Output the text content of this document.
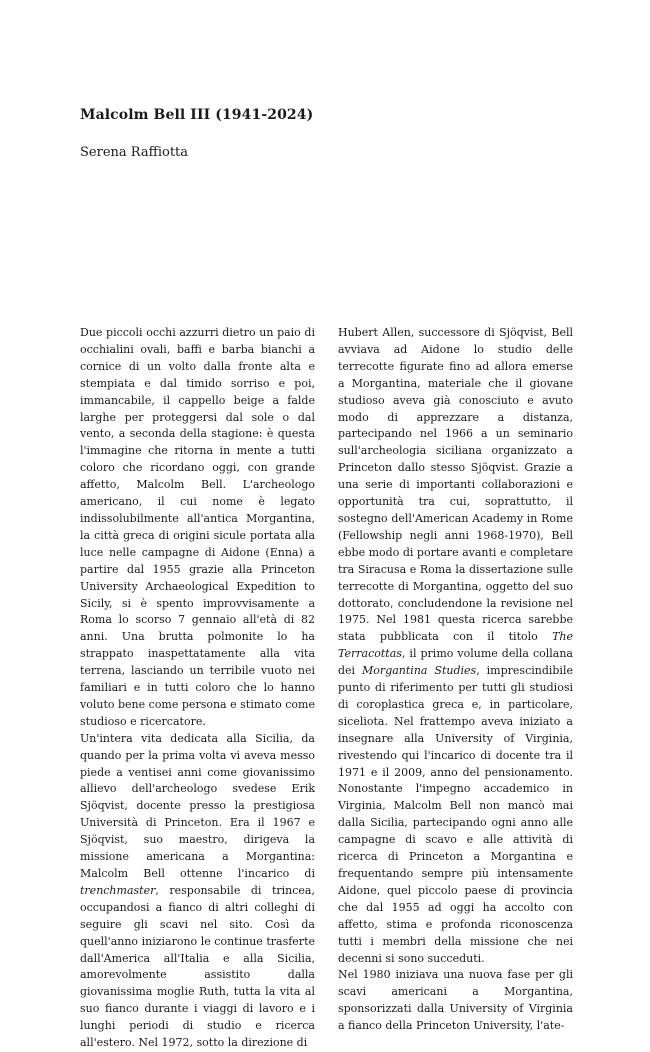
Malcolm Bell III (1941-2024)

Serena Raffiotta

Due piccoli occhi azzurri dietro un paio di occhialini ovali, baffi e barba bianchi a cornice di un volto dalla fronte alta e stempiata e dal timido sorriso e poi, immancabile, il cappello beige a falde larghe per proteggersi dal sole o dal vento, a seconda della stagione: è questa l'immagine che ritorna in mente a tutti coloro che ricordano oggi, con grande affetto, Malcolm Bell. L'archeologo americano, il cui nome è legato indissolubilmente all'antica Morgantina, la città greca di origini sicule portata alla luce nelle campagne di Aidone (Enna) a partire dal 1955 grazie alla Princeton University Archaeological Expedition to Sicily, si è spento improvvisamente a Roma lo scorso 7 gennaio all'età di 82 anni. Una brutta polmonite lo ha strappato inaspettatamente alla vita terrena, lasciando un terribile vuoto nei familiari e in tutti coloro che lo hanno voluto bene come persona e stimato come studioso e ricercatore.

Un'intera vita dedicata alla Sicilia, da quando per la prima volta vi aveva messo piede a ventisei anni come giovanissimo allievo dell'archeologo svedese Erik Sjöqvist, docente presso la prestigiosa Università di Princeton. Era il 1967 e Sjöqvist, suo maestro, dirigeva la missione americana a Morgantina: Malcolm Bell ottenne l'incarico di trenchmaster, responsabile di trincea, occupandosi a fianco di altri colleghi di seguire gli scavi nel sito. Così da quell'anno iniziarono le continue trasferte dall'America all'Italia e alla Sicilia, amorevolmente assistito dalla giovanissima moglie Ruth, tutta la vita al suo fianco durante i viaggi di lavoro e i lunghi periodi di studio e ricerca all'estero. Nel 1972, sotto la direzione di

Hubert Allen, successore di Sjöqvist, Bell avviava ad Aidone lo studio delle terrecotte figurate fino ad allora emerse a Morgantina, materiale che il giovane studioso aveva già conosciuto e avuto modo di apprezzare a distanza, partecipando nel 1966 a un seminario sull'archeologia siciliana organizzato a Princeton dallo stesso Sjöqvist. Grazie a una serie di importanti collaborazioni e opportunità tra cui, soprattutto, il sostegno dell'American Academy in Rome (Fellowship negli anni 1968-1970), Bell ebbe modo di portare avanti e completare tra Siracusa e Roma la dissertazione sulle terrecotte di Morgantina, oggetto del suo dottorato, concludendone la revisione nel 1975. Nel 1981 questa ricerca sarebbe stata pubblicata con il titolo The Terracottas, il primo volume della collana dei Morgantina Studies, imprescindibile punto di riferimento per tutti gli studiosi di coroplastica greca e, in particolare, siceliota. Nel frattempo aveva iniziato a insegnare alla University of Virginia, rivestendo qui l'incarico di docente tra il 1971 e il 2009, anno del pensionamento. Nonostante l'impegno accademico in Virginia, Malcolm Bell non mancò mai dalla Sicilia, partecipando ogni anno alle campagne di scavo e alle attività di ricerca di Princeton a Morgantina e frequentando sempre più intensamente Aidone, quel piccolo paese di provincia che dal 1955 ad oggi ha accolto con affetto, stima e profonda riconoscenza tutti i membri della missione che nei decenni si sono succeduti.

Nel 1980 iniziava una nuova fase per gli scavi americani a Morgantina, sponsorizzati dalla University of Virginia a fianco della Princeton University, l'ate-
